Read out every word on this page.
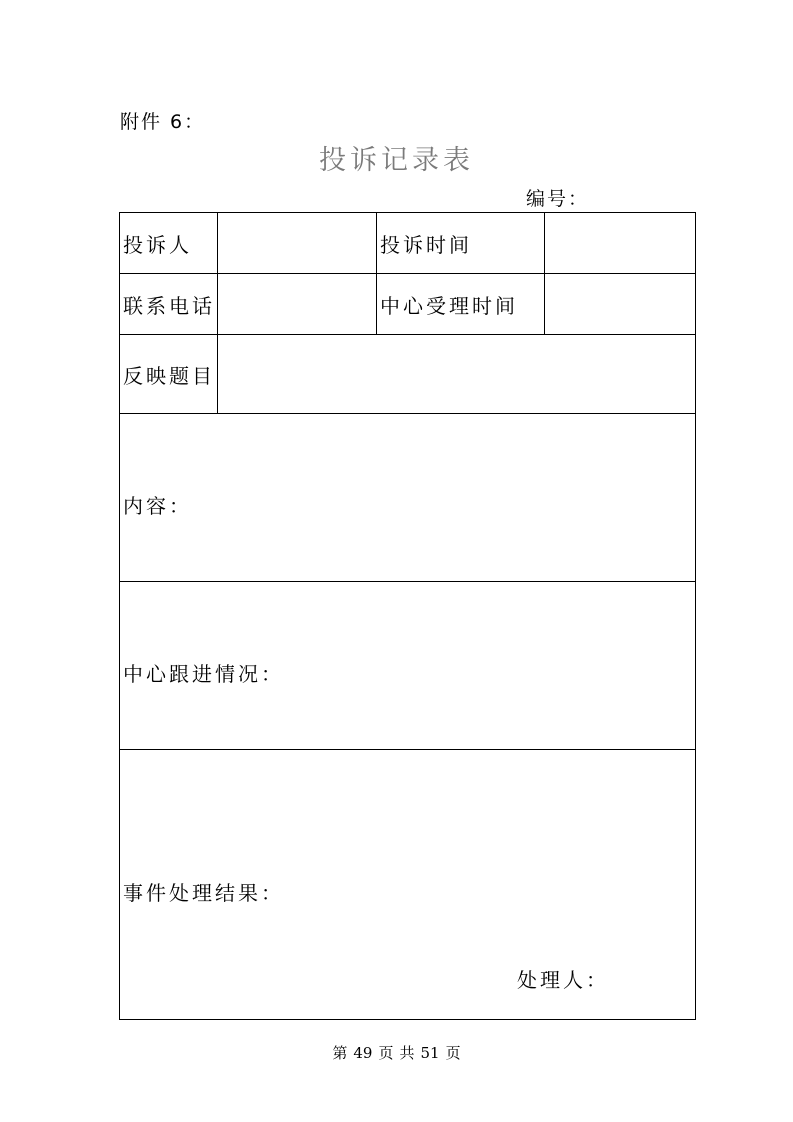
附件 6：
投诉记录表
编号：
投诉人		投诉时间	
联系电话		中心受理时间	
反映题目			

内容：			

中心跟进情况：			

事件处理结果：
处理人：			
第 49 页 共 51 页
